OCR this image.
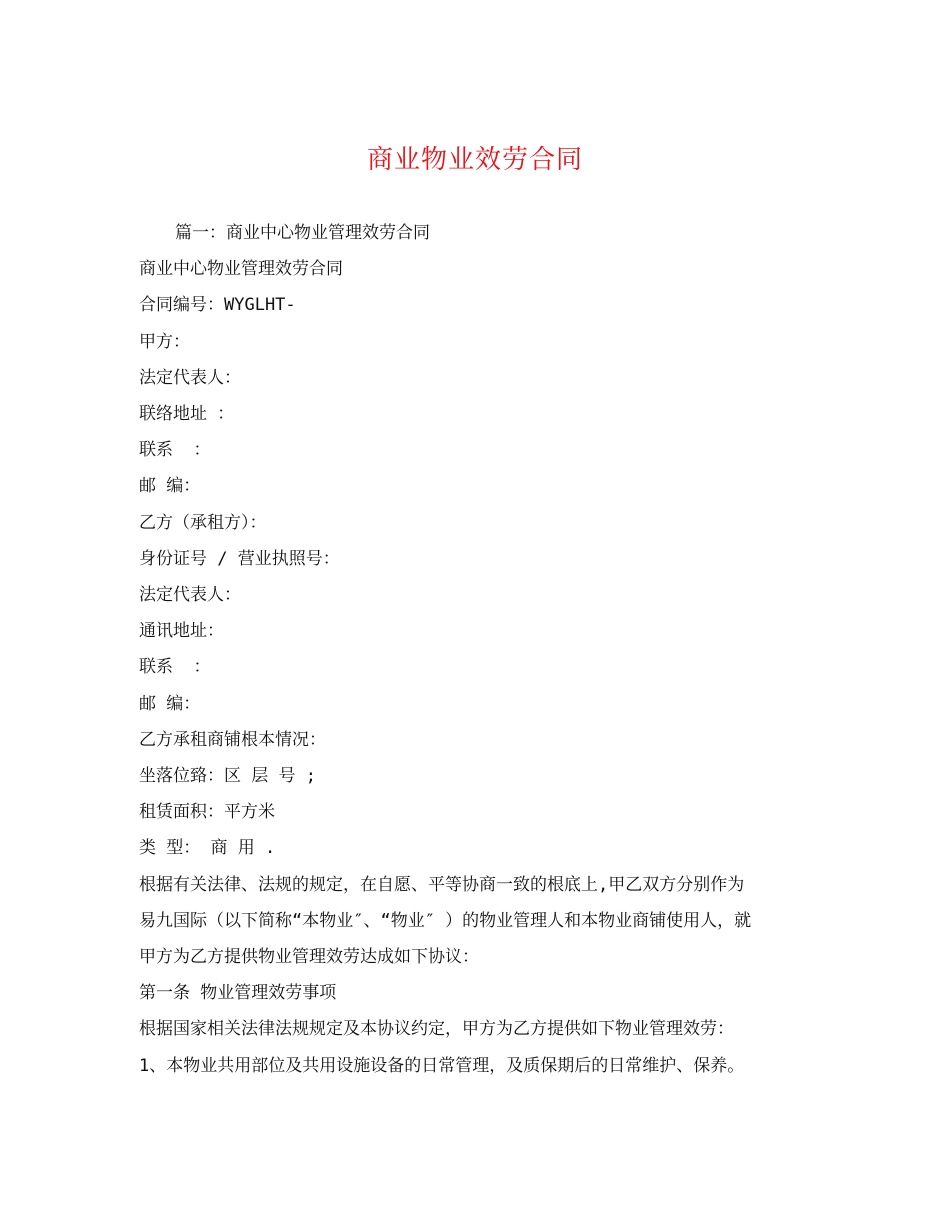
商业物业效劳合同

篇一：商业中心物业管理效劳合同

商业中心物业管理效劳合同

合同编号：WYGLHT-

甲方：

法定代表人：

联络地址 ：

联系  ：

邮 编：

乙方（承租方）：

身份证号 / 营业执照号：

法定代表人：

通讯地址：

联系  ：

邮 编：

乙方承租商铺根本情况：

坐落位臵：区 层 号 ;

租赁面积：平方米

类 型： 商 用 .

根据有关法律、法规的规定，在自愿、平等协商一致的根底上,甲乙双方分别作为

易九国际（以下简称“本物业″、“物业″ ）的物业管理人和本物业商铺使用人，就

甲方为乙方提供物业管理效劳达成如下协议：

第一条 物业管理效劳事项

根据国家相关法律法规规定及本协议约定，甲方为乙方提供如下物业管理效劳：

1、本物业共用部位及共用设施设备的日常管理，及质保期后的日常维护、保养。
